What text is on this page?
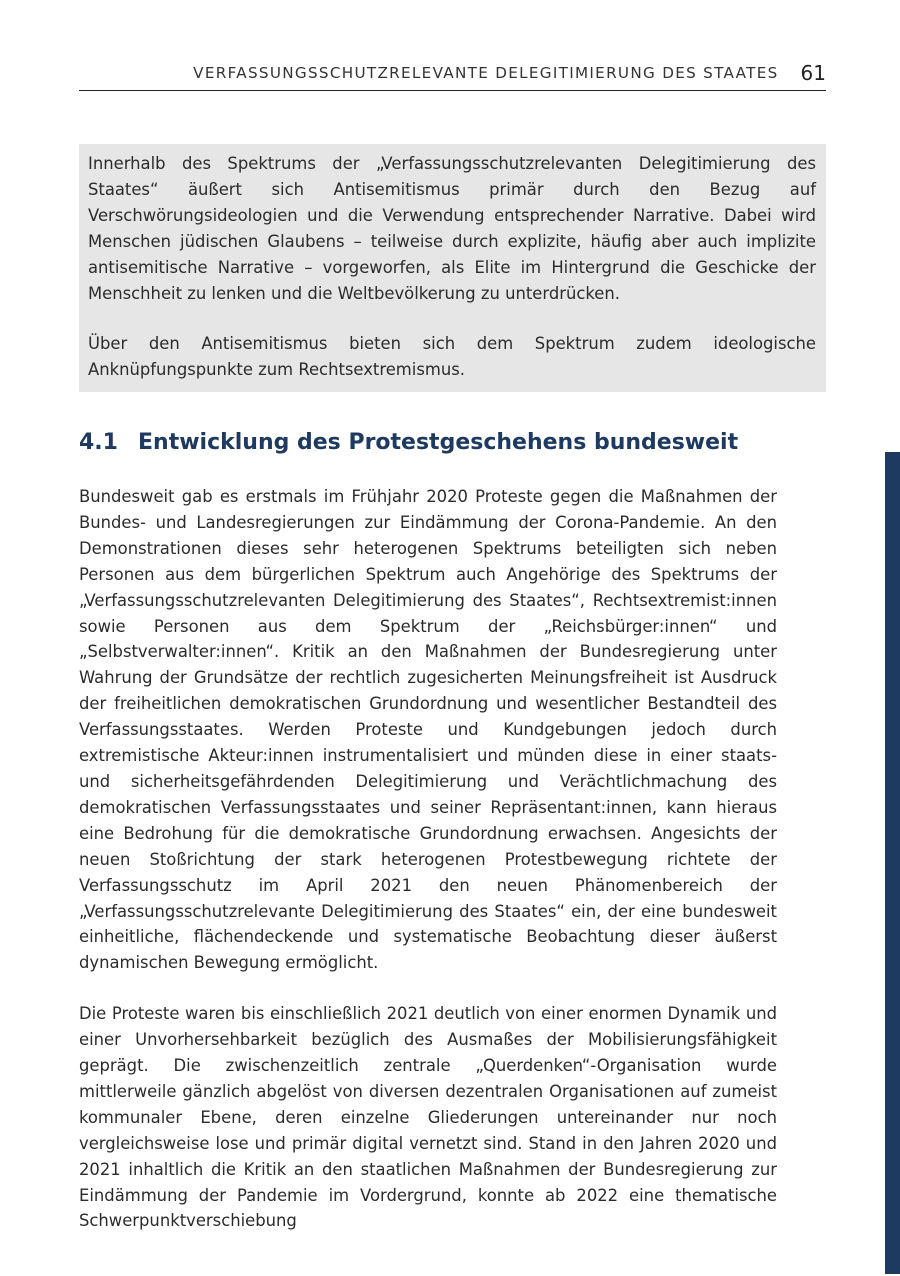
VERFASSUNGSSCHUTZRELEVANTE DELEGITIMIERUNG DES STAATES 61

Innerhalb des Spektrums der „Verfassungsschutzrelevanten Delegitimierung des Staates“ äußert sich Antisemitismus primär durch den Bezug auf Verschwörungsideologien und die Verwendung entsprechender Narrative. Dabei wird Menschen jüdischen Glaubens – teilweise durch explizite, häufig aber auch implizite antisemitische Narrative – vorgeworfen, als Elite im Hintergrund die Geschicke der Menschheit zu lenken und die Weltbevölkerung zu unterdrücken.

Über den Antisemitismus bieten sich dem Spektrum zudem ideologische Anknüpfungspunkte zum Rechtsextremismus.

4.1 Entwicklung des Protestgeschehens bundesweit

Bundesweit gab es erstmals im Frühjahr 2020 Proteste gegen die Maßnahmen der Bundes- und Landesregierungen zur Eindämmung der Corona-Pandemie. An den Demonstrationen dieses sehr heterogenen Spektrums beteiligten sich neben Personen aus dem bürgerlichen Spektrum auch Angehörige des Spektrums der „Verfassungsschutzrelevanten Delegitimierung des Staates“, Rechtsextremist:innen sowie Personen aus dem Spektrum der „Reichsbürger:innen“ und „Selbstverwalter:innen“. Kritik an den Maßnahmen der Bundesregierung unter Wahrung der Grundsätze der rechtlich zugesicherten Meinungsfreiheit ist Ausdruck der freiheitlichen demokratischen Grundordnung und wesentlicher Bestandteil des Verfassungsstaates. Werden Proteste und Kundgebungen jedoch durch extremistische Akteur:innen instrumentalisiert und münden diese in einer staats- und sicherheitsgefährdenden Delegitimierung und Verächtlichmachung des demokratischen Verfassungsstaates und seiner Repräsentant:innen, kann hieraus eine Bedrohung für die demokratische Grundordnung erwachsen. Angesichts der neuen Stoßrichtung der stark heterogenen Protestbewegung richtete der Verfassungsschutz im April 2021 den neuen Phänomenbereich der „Verfassungsschutzrelevante Delegitimierung des Staates“ ein, der eine bundesweit einheitliche, flächendeckende und systematische Beobachtung dieser äußerst dynamischen Bewegung ermöglicht.

Die Proteste waren bis einschließlich 2021 deutlich von einer enormen Dynamik und einer Unvorhersehbarkeit bezüglich des Ausmaßes der Mobilisierungsfähigkeit geprägt. Die zwischenzeitlich zentrale „Querdenken“-Organisation wurde mittlerweile gänzlich abgelöst von diversen dezentralen Organisationen auf zumeist kommunaler Ebene, deren einzelne Gliederungen untereinander nur noch vergleichsweise lose und primär digital vernetzt sind. Stand in den Jahren 2020 und 2021 inhaltlich die Kritik an den staatlichen Maßnahmen der Bundesregierung zur Eindämmung der Pandemie im Vordergrund, konnte ab 2022 eine thematische Schwerpunktverschiebung
